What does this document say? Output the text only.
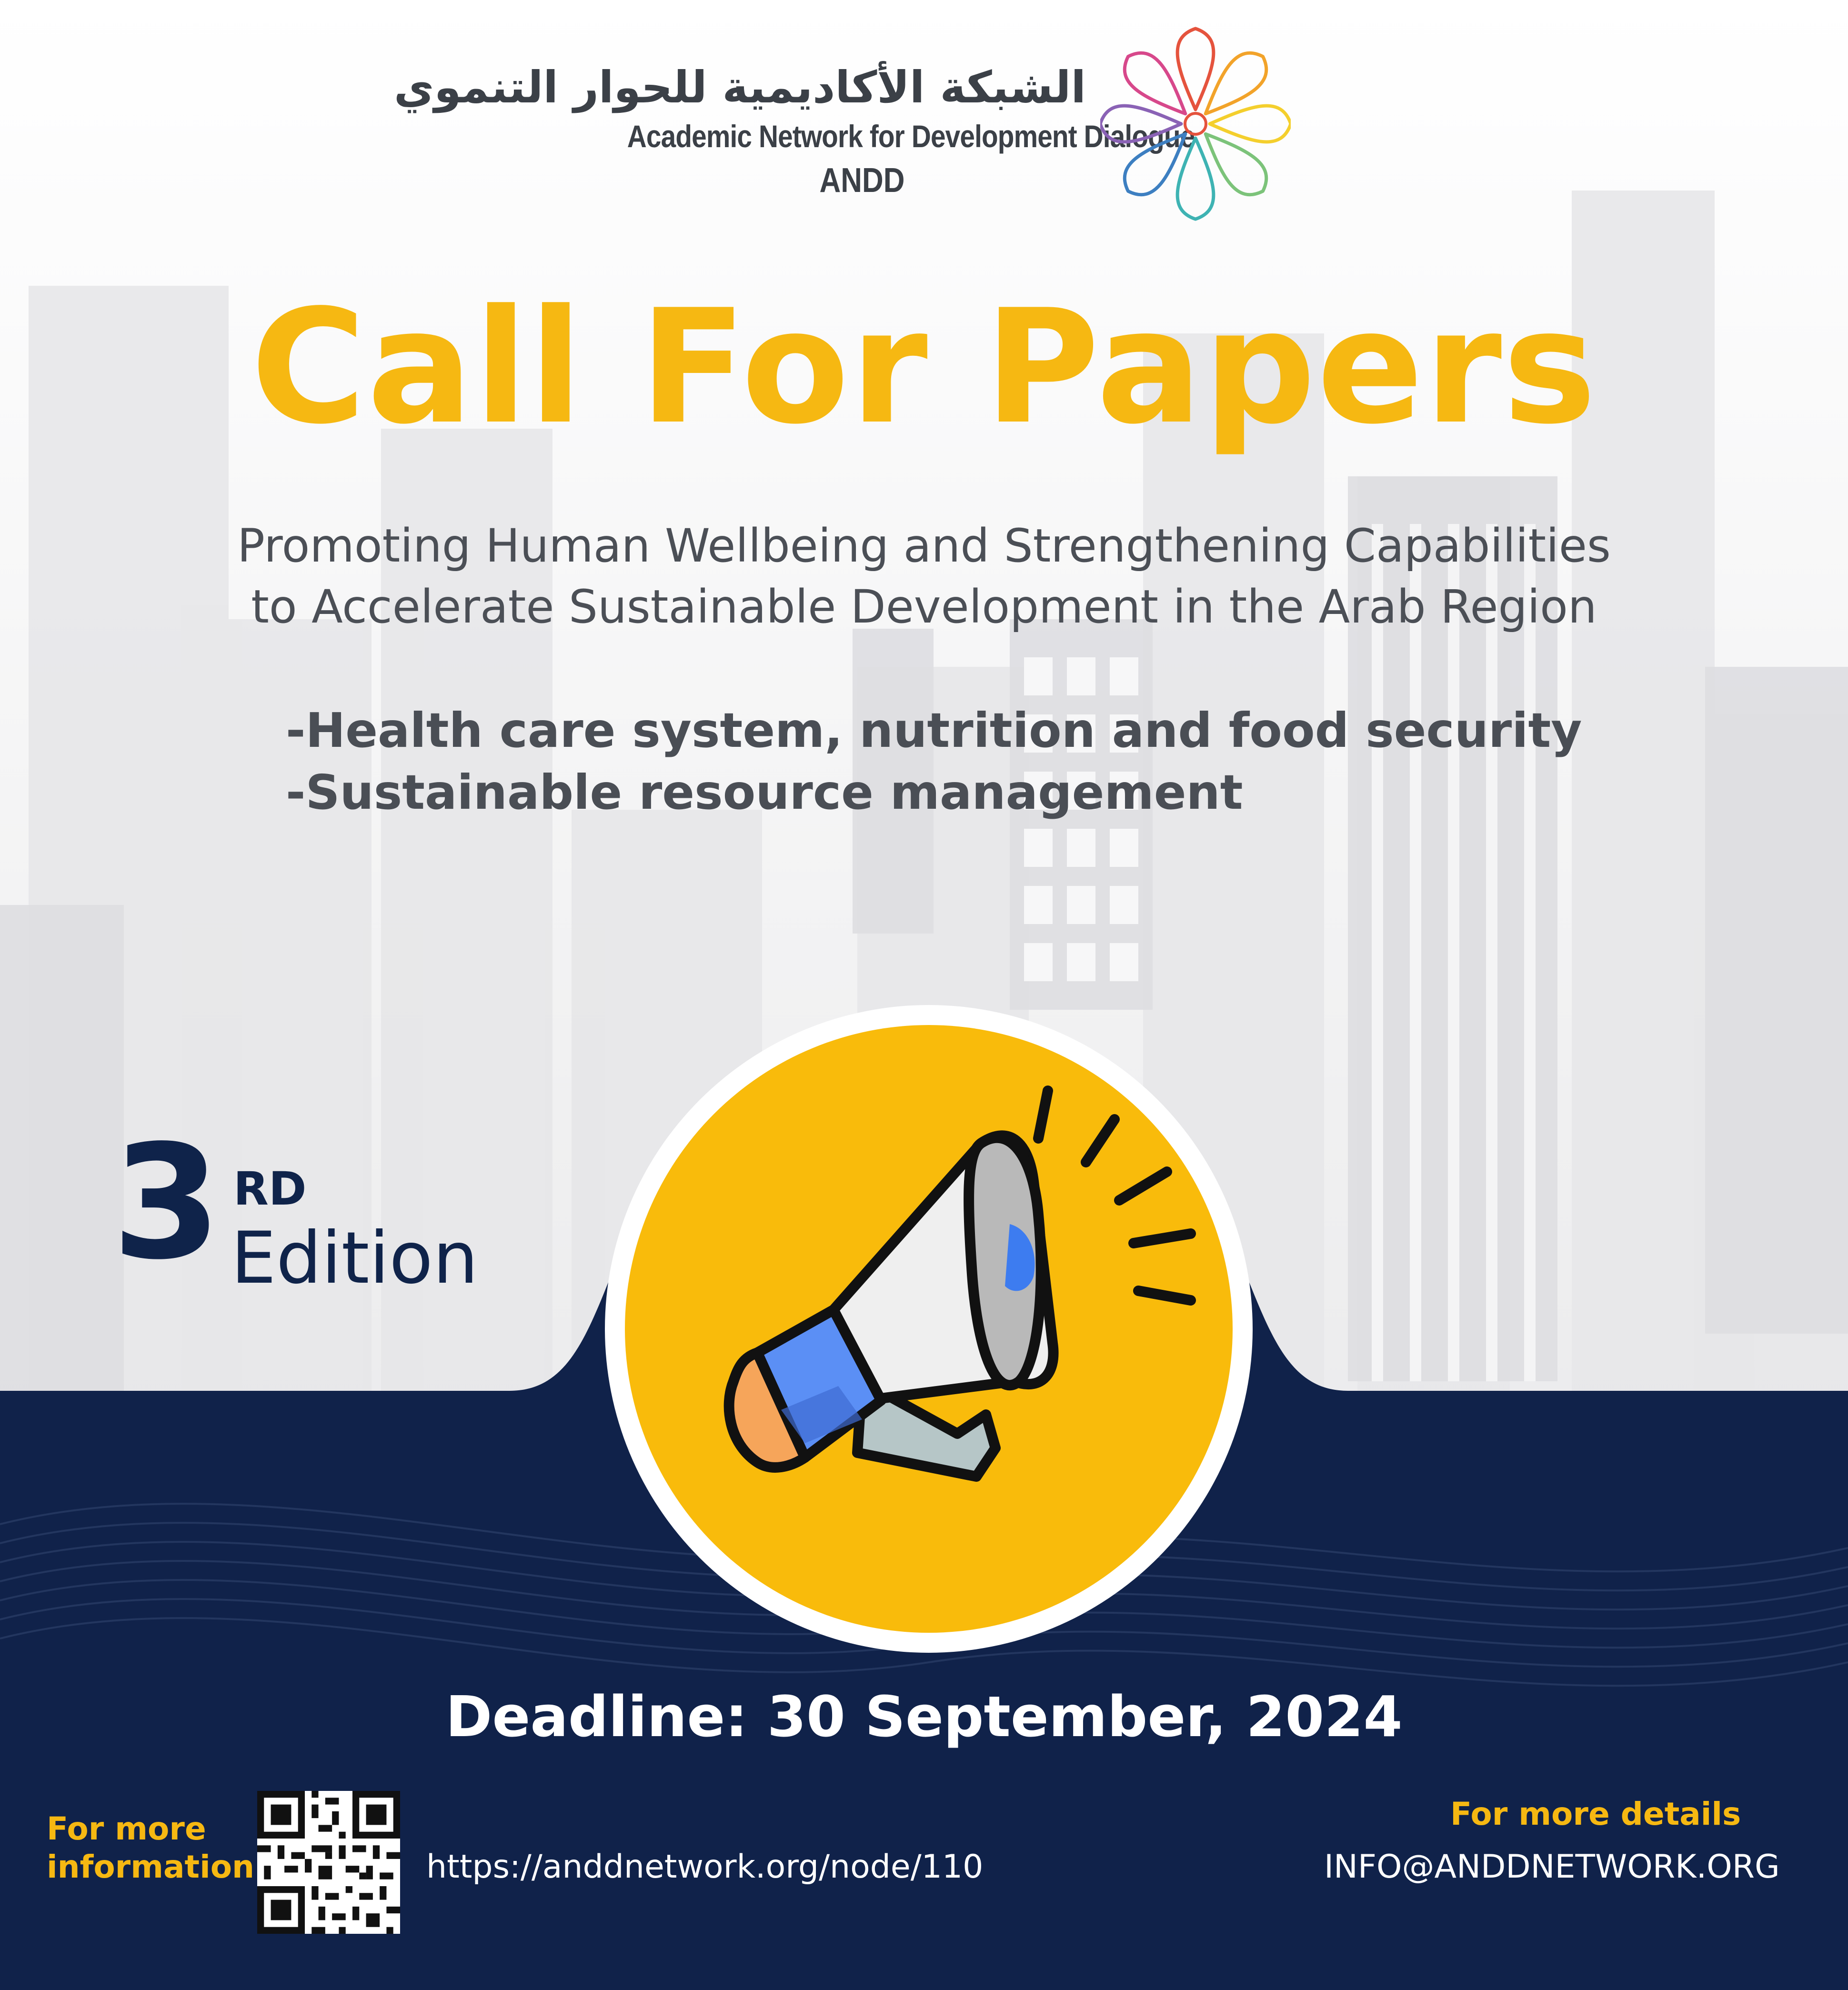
الشبكة الأكاديمية للحوار التنموي
Academic Network for Development Dialogue
ANDD
Call For Papers
Promoting Human Wellbeing and Strengthening Capabilities
to Accelerate Sustainable Development in the Arab Region
-Health care system, nutrition and food security
-Sustainable resource management
3 RD
Edition
Deadline: 30 September, 2024
For more
information	https://anddnetwork.org/node/110
For more details
INFO@ANDDNETWORK.ORG
